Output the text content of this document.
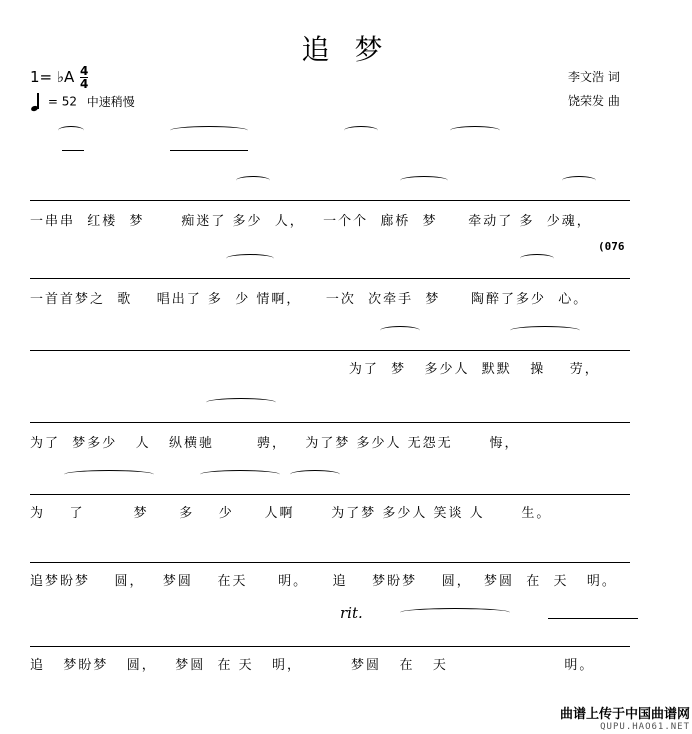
追 梦
1= ♭A 4
4
= 52 中速稍慢
李文浩 词
饶荣发 曲

一串串  红楼  梦      痴迷了 多少  人，   一个个  廊桥  梦     牵动了 多  少魂，

一首首梦之  歌    唱出了 多  少 情啊，    一次  次牵手  梦     陶醉了多少  心。
(076

为了  梦   多少人  默默   操    劳，

为了  梦多少   人   纵横驰       骋，   为了梦 多少人 无怨无      悔，

为    了        梦     多    少     人啊      为了梦 多少人 笑谈 人      生。

追梦盼梦    圆，   梦圆    在天     明。    追    梦盼梦    圆，  梦圆  在  天   明。
rit.

追   梦盼梦   圆，   梦圆  在 天   明，        梦圆   在   天                   明。
曲谱上传于中国曲谱网
QUPU.HAO61.NET
